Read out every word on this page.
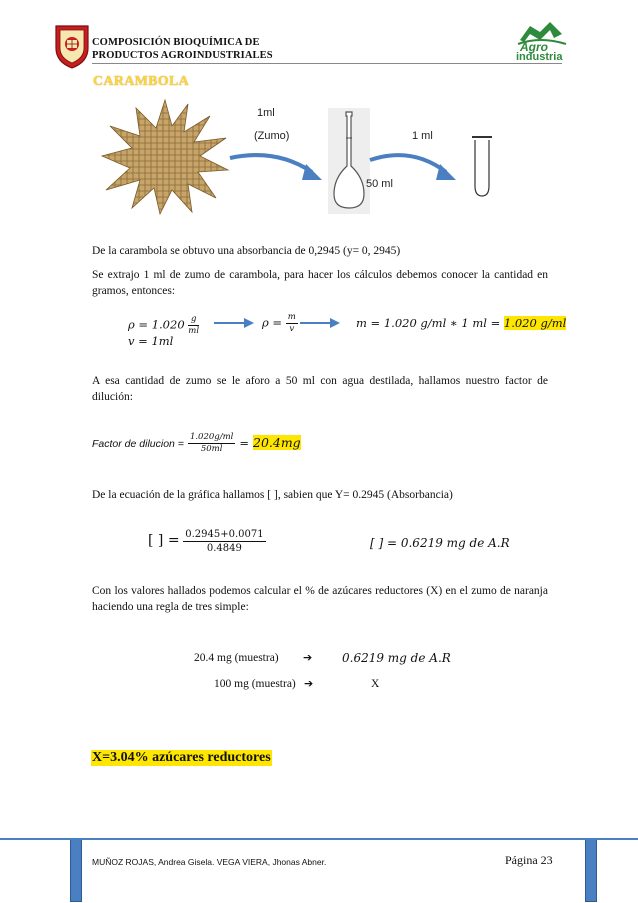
COMPOSICIÓN BIOQUÍMICA DE
PRODUCTOS AGROINDUSTRIALES
Agro
industria
CARAMBOLA
1ml
(Zumo)
50 ml
1 ml
De la carambola se obtuvo una absorbancia de 0,2945 (y= 0, 2945)
Se extrajo 1 ml de zumo de carambola, para hacer los cálculos debemos conocer la cantidad en gramos, entonces:
$\rho = 1.020 \frac{g}{ml}$
v = 1ml
$\rho = \frac{m}{v}$	m = 1.020 g/ml ∗ 1 ml = 1.020 g/ml
A esa cantidad de zumo se le aforo a 50 ml con agua destilada, hallamos nuestro factor de dilución:
Factor de dilucion = $\frac{1.020g/ml}{50ml} = 20.4mg$
De la ecuación de la gráfica hallamos [ ], sabien que Y= 0.2945 (Absorbancia)
[ ] = $\frac{0.2945+0.0071}{0.4849}$	[ ] = 0.6219 mg de A.R
Con los valores hallados podemos calcular el % de azúcares reductores (X) en el zumo de naranja haciendo una regla de tres simple:
20.4 mg (muestra) ➔ 0.6219 mg de A.R
100 mg (muestra) ➔	X
X=3.04% azúcares reductores
MUÑOZ ROJAS, Andrea Gisela. VEGA VIERA, Jhonas Abner.	Página 23
